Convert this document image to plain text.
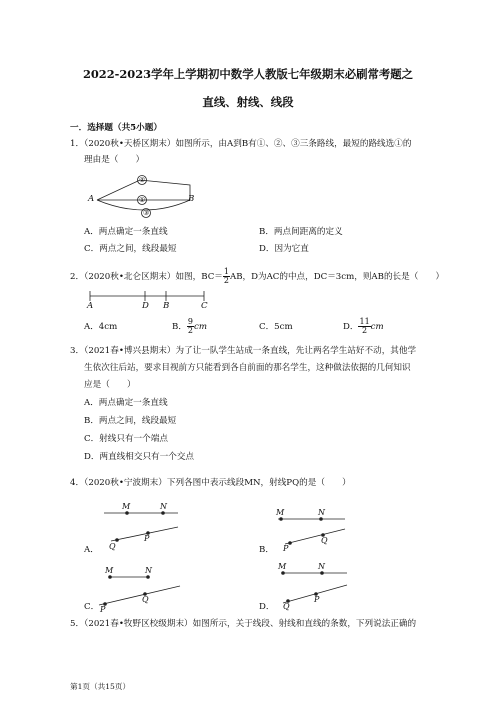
2022-2023学年上学期初中数学人教版七年级期末必刷常考题之
直线、射线、线段
一．选择题（共5小题）
1．（2020秋•天桥区期末）如图所示，由A到B有①、②、③三条路线，最短的路线选①的
理由是（　　）
A	B
②
①
③
A．两点确定一条直线	B．两点间距离的定义
C．两点之间，线段最短	D．因为它直
2．（2020秋•北仑区期末）如图，$BC= \frac{1}{2}$ AB，D为AC的中点，DC＝3cm，则AB的长是（　　）
A	D B	C
A．4cm	B． $\frac{9}{2}$ cm	C．5cm	D． $\frac{11}{2}$ cm
3．（2021春•博兴县期末）为了让一队学生站成一条直线，先让两名学生站好不动，其他学
生依次往后站，要求目视前方只能看到各自前面的那名学生，这种做法依据的几何知识
应是（　　）
A．两点确定一条直线
B．两点之间，线段最短
C．射线只有一个端点
D．两直线相交只有一个交点
4．（2020秋•宁波期末）下列各图中表示线段MN，射线PQ的是（　　）
M	N
Q
P
A．
M	N
P
Q
B．
M	N
P
Q
C．
M	N
Q
P
D．
5．（2021春•牧野区校级期末）如图所示，关于线段、射线和直线的条数，下列说法正确的
第1页（共15页）
